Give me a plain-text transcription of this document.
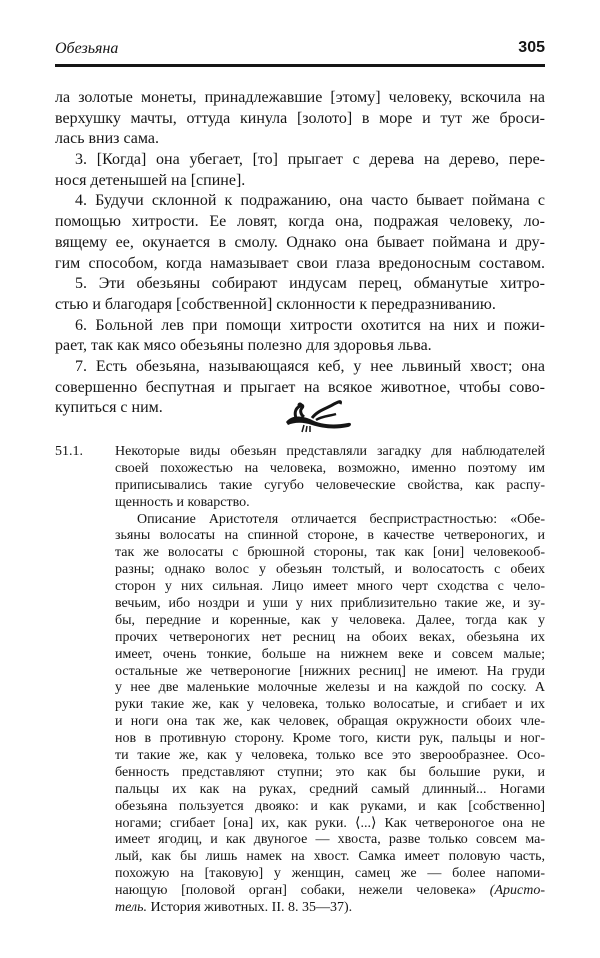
Обезьяна	305
ла золотые монеты, принадлежавшие [этому] человеку, вскочила на
верхушку мачты, оттуда кинула [золото] в море и тут же броси-
лась вниз сама.
3. [Когда] она убегает, [то] прыгает с дерева на дерево, пере-
нося детенышей на [спине].
4. Будучи склонной к подражанию, она часто бывает поймана с
помощью хитрости. Ее ловят, когда она, подражая человеку, ло-
вящему ее, окунается в смолу. Однако она бывает поймана и дру-
гим способом, когда намазывает свои глаза вредоносным составом.
5. Эти обезьяны собирают индусам перец, обманутые хитро-
стью и благодаря [собственной] склонности к передразниванию.
6. Больной лев при помощи хитрости охотится на них и пожи-
рает, так как мясо обезьяны полезно для здоровья льва.
7. Есть обезьяна, называющаяся кеб, у нее львиный хвост; она
совершенно беспутная и прыгает на всякое животное, чтобы сово-
купиться с ним.
51.1. Некоторые виды обезьян представляли загадку для наблюдателей
своей похожестью на человека, возможно, именно поэтому им
приписывались такие сугубо человеческие свойства, как распу-
щенность и коварство.
Описание Аристотеля отличается беспристрастностью: «Обе-
зьяны волосаты на спинной стороне, в качестве четвероногих, и
так же волосаты с брюшной стороны, так как [они] человекооб-
разны; однако волос у обезьян толстый, и волосатость с обеих
сторон у них сильная. Лицо имеет много черт сходства с чело-
вечьим, ибо ноздри и уши у них приблизительно такие же, и зу-
бы, передние и коренные, как у человека. Далее, тогда как у
прочих четвероногих нет ресниц на обоих веках, обезьяна их
имеет, очень тонкие, больше на нижнем веке и совсем малые;
остальные же четвероногие [нижних ресниц] не имеют. На груди
у нее две маленькие молочные железы и на каждой по соску. А
руки такие же, как у человека, только волосатые, и сгибает и их
и ноги она так же, как человек, обращая окружности обоих чле-
нов в противную сторону. Кроме того, кисти рук, пальцы и ног-
ти такие же, как у человека, только все это зверообразнее. Осо-
бенность представляют ступни; это как бы большие руки, и
пальцы их как на руках, средний самый длинный... Ногами
обезьяна пользуется двояко: и как руками, и как [собственно]
ногами; сгибает [она] их, как руки. ⟨...⟩ Как четвероногое она не
имеет ягодиц, и как двуногое — хвоста, разве только совсем ма-
лый, как бы лишь намек на хвост. Самка имеет половую часть,
похожую на [таковую] у женщин, самец же — более напоми-
нающую [половой орган] собаки, нежели человека» (Аристо-
тель. История животных. II. 8. 35—37).
